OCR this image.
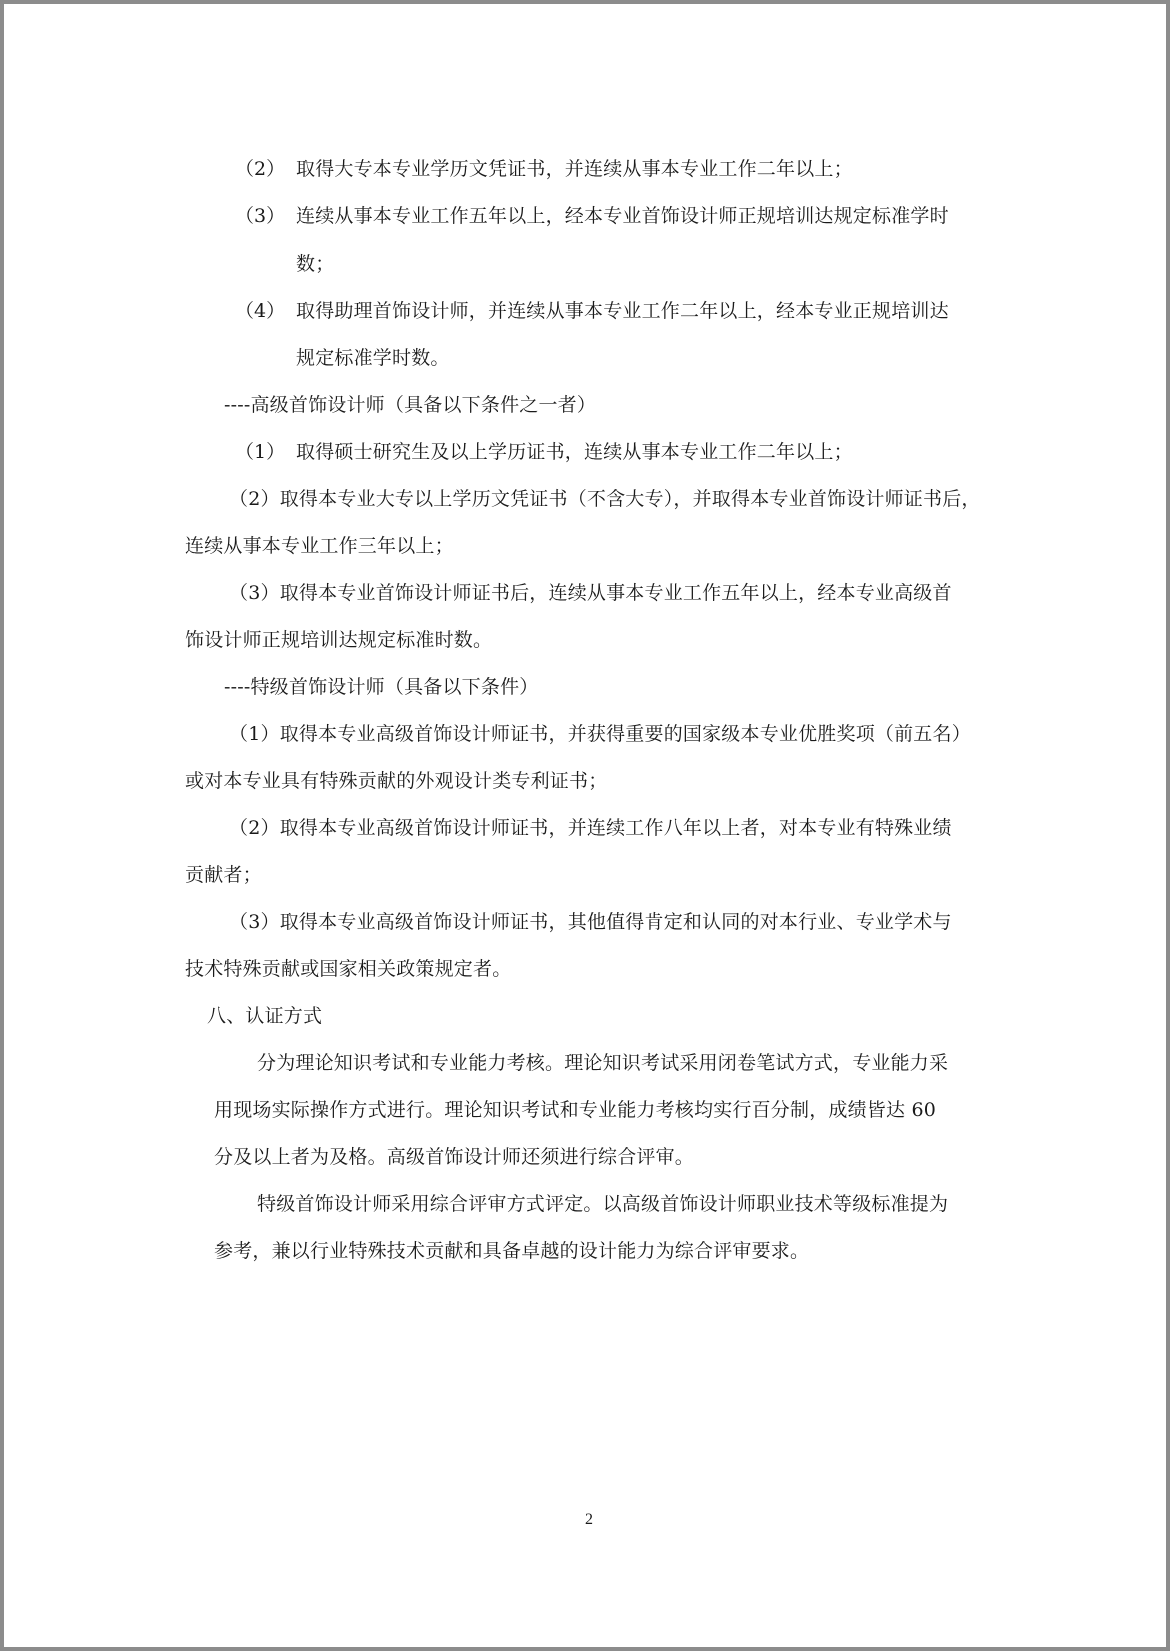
（2） 取得大专本专业学历文凭证书，并连续从事本专业工作二年以上；
（3） 连续从事本专业工作五年以上，经本专业首饰设计师正规培训达规定标准学时
数；
（4） 取得助理首饰设计师，并连续从事本专业工作二年以上，经本专业正规培训达
规定标准学时数。
----高级首饰设计师（具备以下条件之一者）
（1） 取得硕士研究生及以上学历证书，连续从事本专业工作二年以上；
（2）取得本专业大专以上学历文凭证书（不含大专），并取得本专业首饰设计师证书后，
连续从事本专业工作三年以上；
（3）取得本专业首饰设计师证书后，连续从事本专业工作五年以上，经本专业高级首
饰设计师正规培训达规定标准时数。
----特级首饰设计师（具备以下条件）
（1）取得本专业高级首饰设计师证书，并获得重要的国家级本专业优胜奖项（前五名）
或对本专业具有特殊贡献的外观设计类专利证书；
（2）取得本专业高级首饰设计师证书，并连续工作八年以上者，对本专业有特殊业绩
贡献者；
（3）取得本专业高级首饰设计师证书，其他值得肯定和认同的对本行业、专业学术与
技术特殊贡献或国家相关政策规定者。
八、认证方式
分为理论知识考试和专业能力考核。理论知识考试采用闭卷笔试方式，专业能力采
用现场实际操作方式进行。理论知识考试和专业能力考核均实行百分制，成绩皆达 60
分及以上者为及格。高级首饰设计师还须进行综合评审。
特级首饰设计师采用综合评审方式评定。以高级首饰设计师职业技术等级标准提为
参考，兼以行业特殊技术贡献和具备卓越的设计能力为综合评审要求。
2
